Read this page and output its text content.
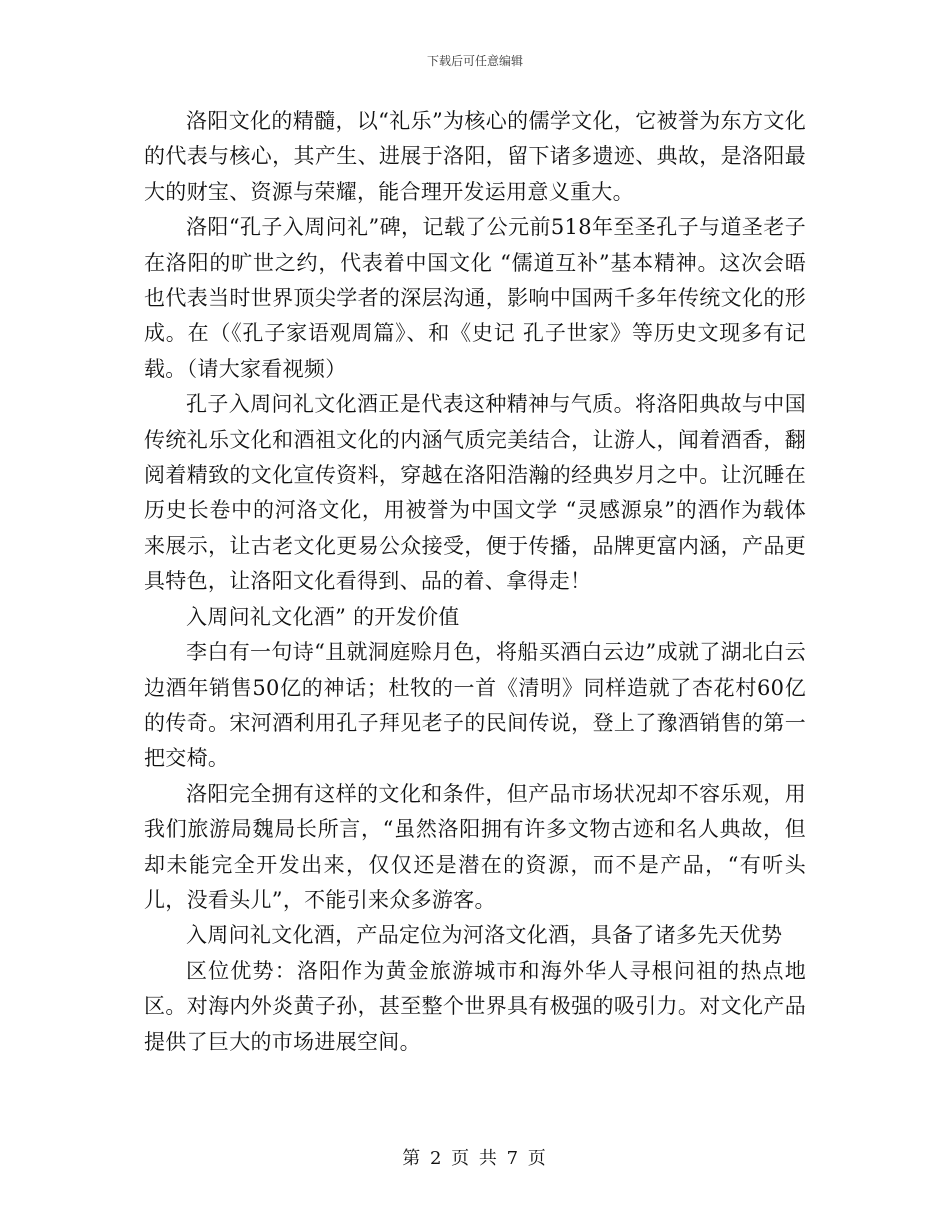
下载后可任意编辑

洛阳文化的精髓，以“礼乐”为核心的儒学文化，它被誉为东方文化的代表与核心，其产生、进展于洛阳，留下诸多遗迹、典故，是洛阳最大的财宝、资源与荣耀，能合理开发运用意义重大。

洛阳“孔子入周问礼”碑，记载了公元前518年至圣孔子与道圣老子在洛阳的旷世之约，代表着中国文化 “儒道互补”基本精神。这次会晤也代表当时世界顶尖学者的深层沟通，影响中国两千多年传统文化的形成。在（《孔子家语观周篇》、和《史记 孔子世家》等历史文现多有记载。（请大家看视频）

孔子入周问礼文化酒正是代表这种精神与气质。将洛阳典故与中国传统礼乐文化和酒祖文化的内涵气质完美结合，让游人，闻着酒香，翻阅着精致的文化宣传资料，穿越在洛阳浩瀚的经典岁月之中。让沉睡在历史长卷中的河洛文化，用被誉为中国文学 “灵感源泉”的酒作为载体来展示，让古老文化更易公众接受，便于传播，品牌更富内涵，产品更具特色，让洛阳文化看得到、品的着、拿得走！

入周问礼文化酒” 的开发价值

李白有一句诗“且就洞庭赊月色，将船买酒白云边”成就了湖北白云边酒年销售50亿的神话；杜牧的一首《清明》同样造就了杏花村60亿的传奇。宋河酒利用孔子拜见老子的民间传说，登上了豫酒销售的第一把交椅。

洛阳完全拥有这样的文化和条件，但产品市场状况却不容乐观，用我们旅游局魏局长所言，“虽然洛阳拥有许多文物古迹和名人典故，但却未能完全开发出来，仅仅还是潜在的资源，而不是产品，“有听头儿，没看头儿”，不能引来众多游客。

入周问礼文化酒，产品定位为河洛文化酒，具备了诸多先天优势

区位优势：洛阳作为黄金旅游城市和海外华人寻根问祖的热点地区。对海内外炎黄子孙，甚至整个世界具有极强的吸引力。对文化产品提供了巨大的市场进展空间。

第 2 页 共 7 页
